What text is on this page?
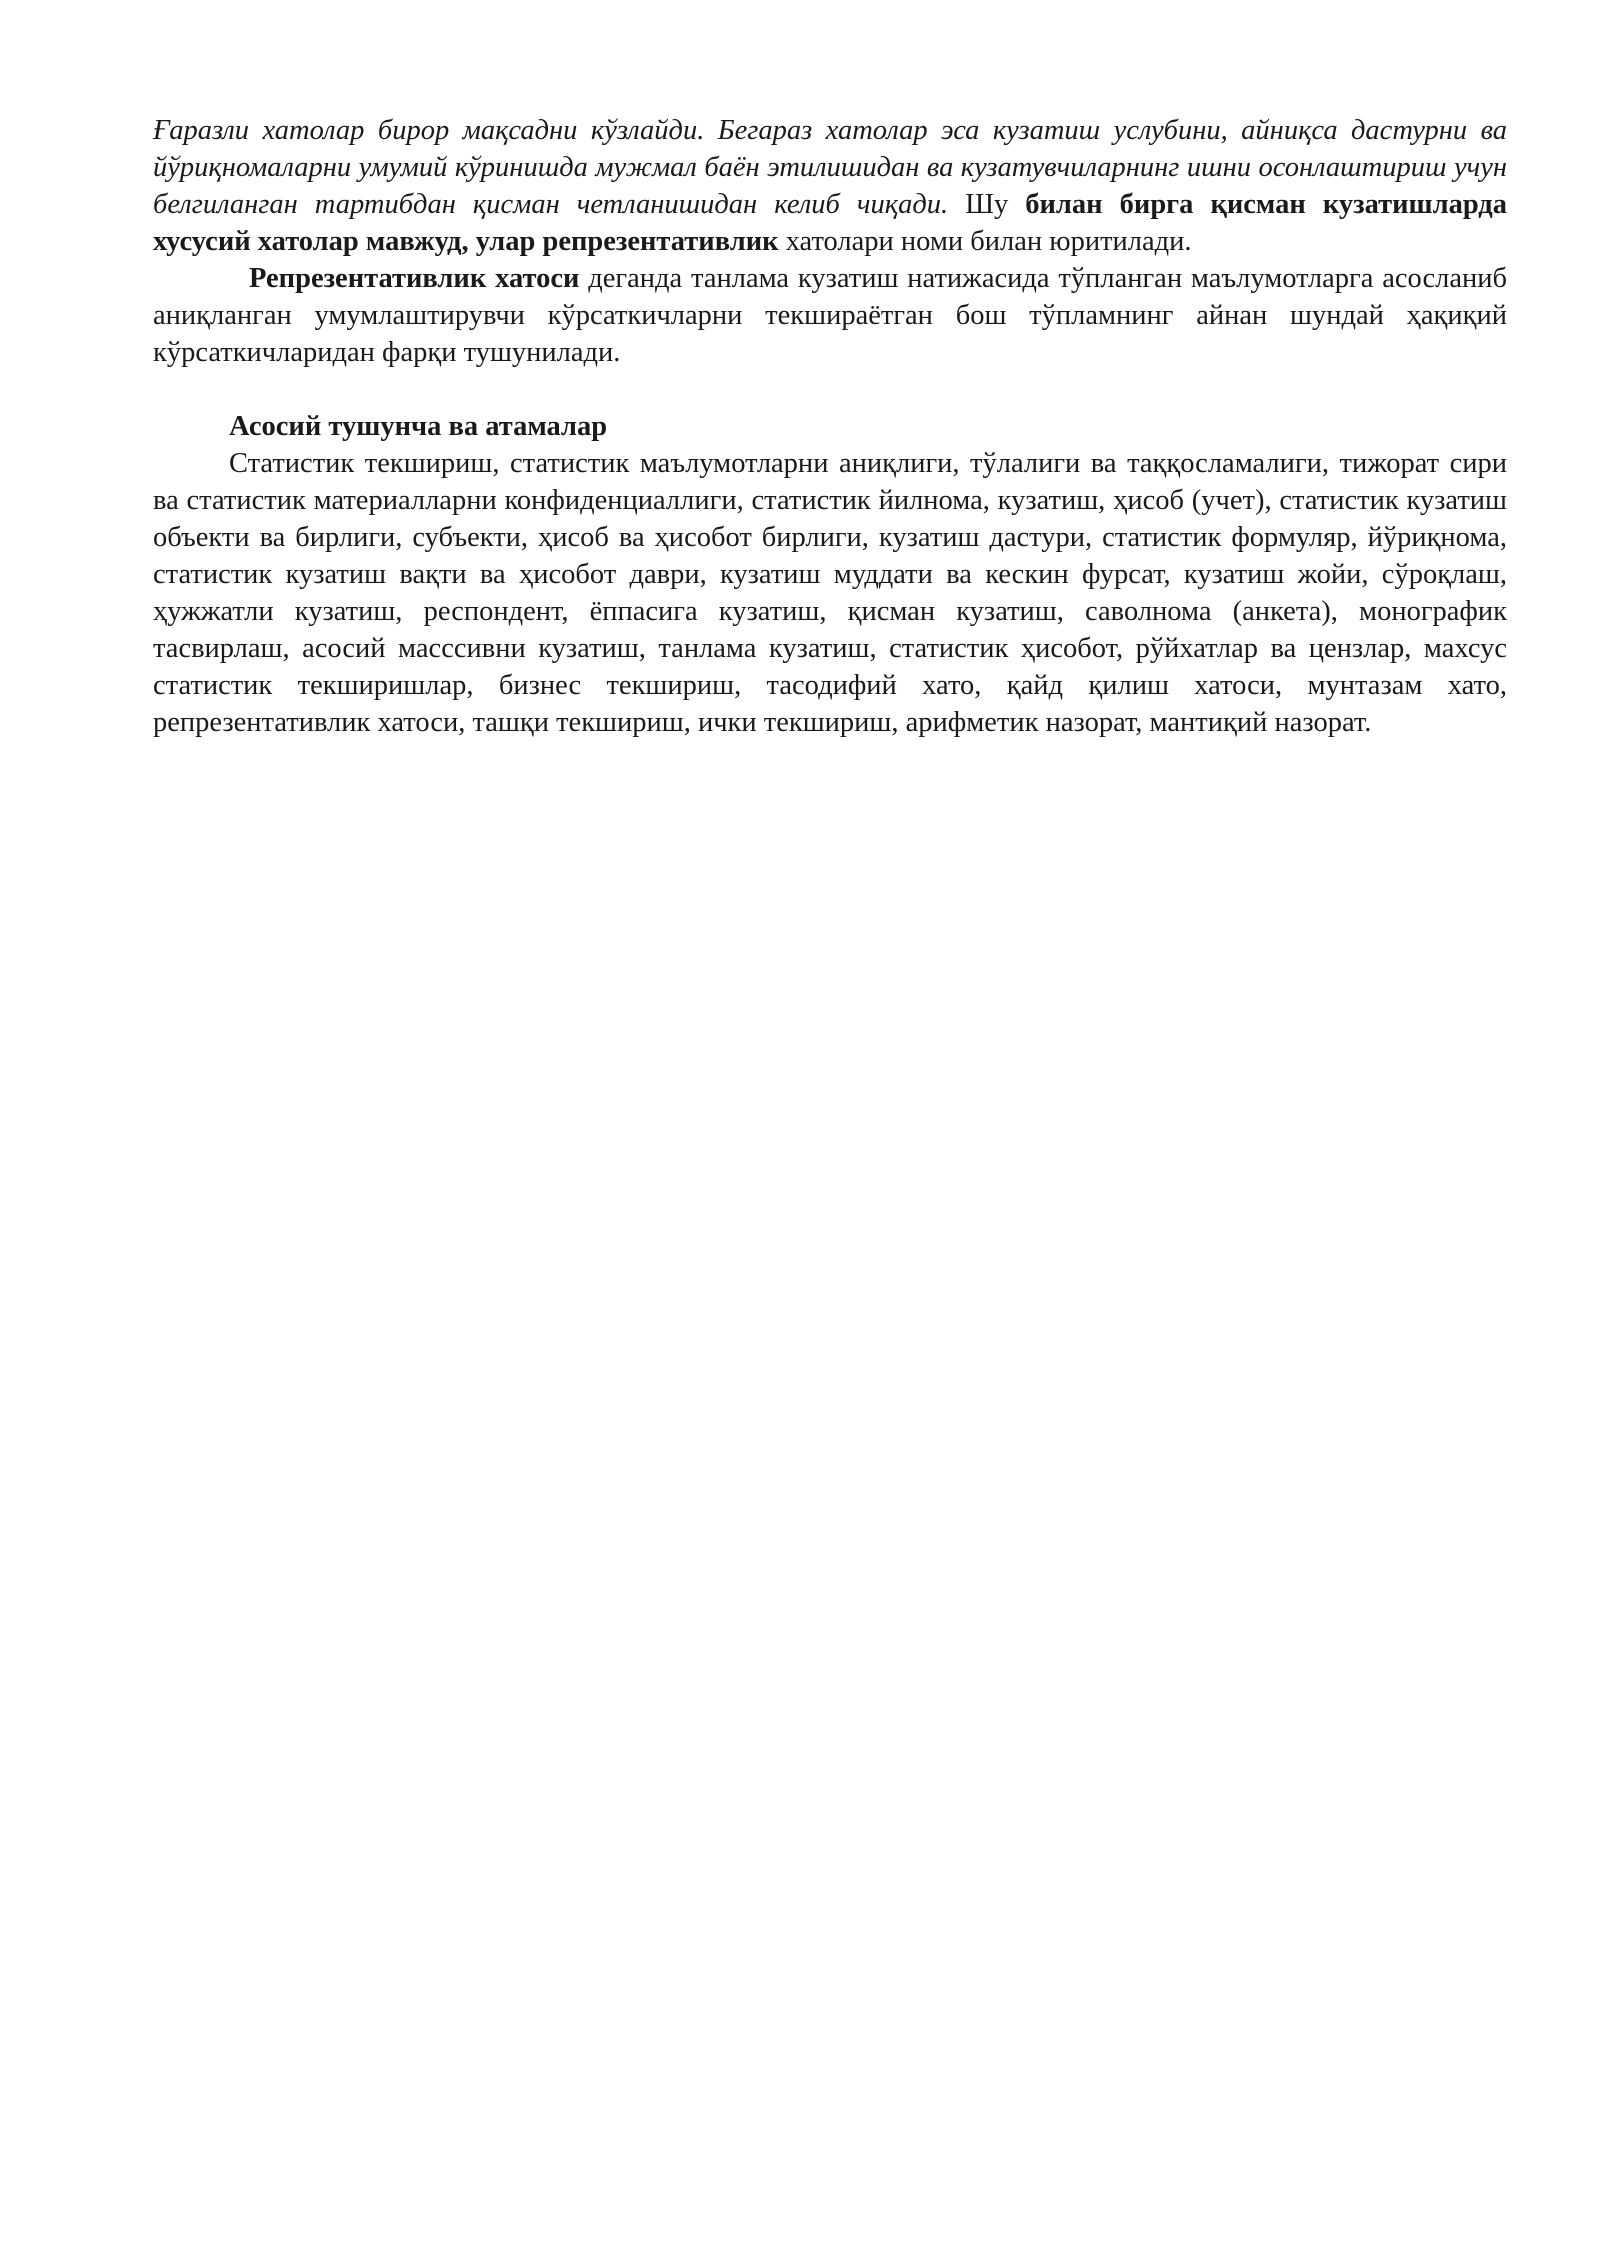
Ғаразли хатолар бирор мақсадни кўзлайди. Бегараз хатолар эса кузатиш услубини, айниқса дастурни ва йўриқномаларни умумий кўринишда мужмал баён этилишидан ва кузатувчиларнинг ишни осонлаштириш учун белгиланган тартибдан қисман четланишидан келиб чиқади. Шу билан бирга қисман кузатишларда хусусий хатолар мавжуд, улар репрезентативлик хатолари номи билан юритилади.

Репрезентативлик хатоси деганда танлама кузатиш натижасида тўпланган маълумотларга асосланиб аниқланган умумлаштирувчи кўрсаткичларни текшираётган бош тўпламнинг айнан шундай ҳақиқий кўрсаткичларидан фарқи тушунилади.

Асосий тушунча ва атамалар

Статистик текшириш, статистик маълумотларни аниқлиги, тўлалиги ва таққосламалиги, тижорат сири ва статистик материалларни конфиденциаллиги, статистик йилнома, кузатиш, ҳисоб (учет), статистик кузатиш объекти ва бирлиги, субъекти, ҳисоб ва ҳисобот бирлиги, кузатиш дастури, статистик формуляр, йўриқнома, статистик кузатиш вақти ва ҳисобот даври, кузатиш муддати ва кескин фурсат, кузатиш жойи, сўроқлаш, ҳужжатли кузатиш, респондент, ёппасига кузатиш, қисман кузатиш, саволнома (анкета), монографик тасвирлаш, асосий масссивни кузатиш, танлама кузатиш, статистик ҳисобот, рўйхатлар ва цензлар, махсус статистик текширишлар, бизнес текшириш, тасодифий хато, қайд қилиш хатоси, мунтазам хато, репрезентативлик хатоси, ташқи текшириш, ички текшириш, арифметик назорат, мантиқий назорат.
